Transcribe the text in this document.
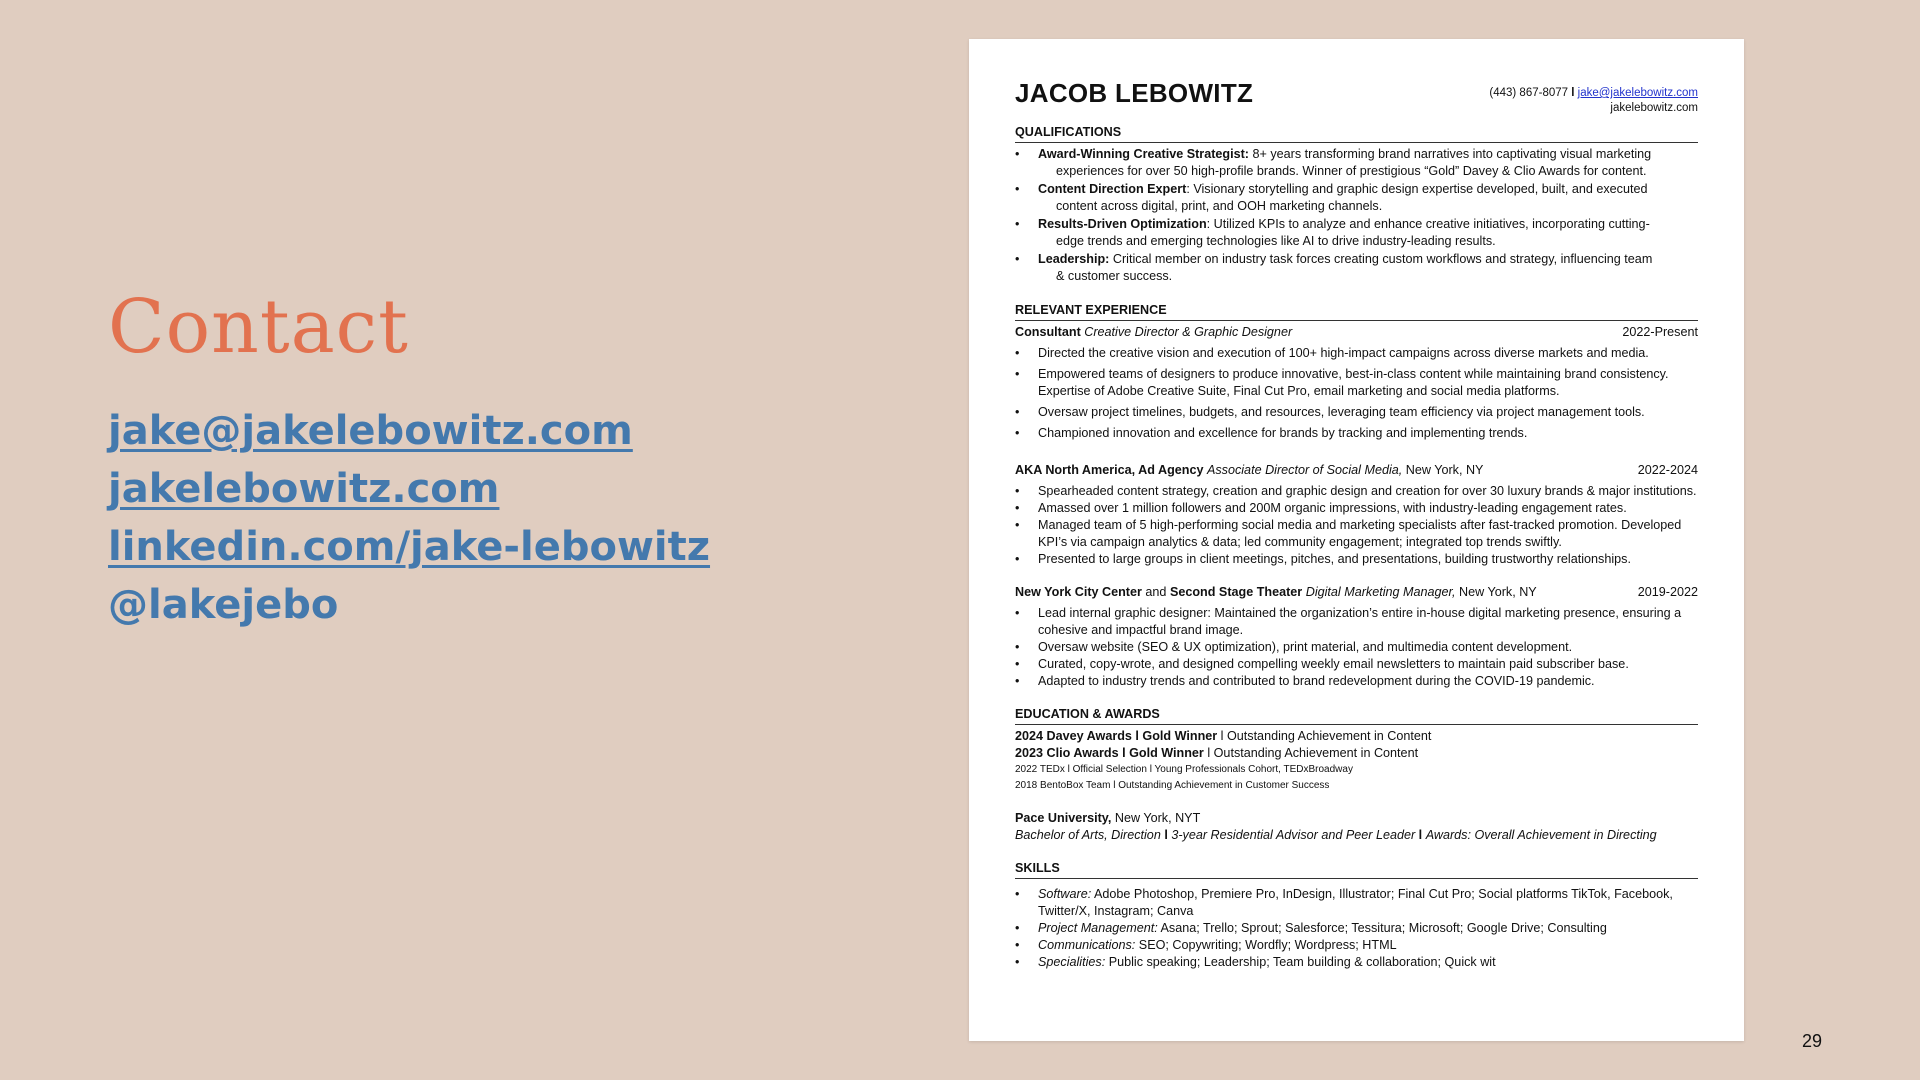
Contact
jake@jakelebowitz.com
jakelebowitz.com
linkedin.com/jake-lebowitz
@lakejebo
JACOB LEBOWITZ	(443) 867-8077 l jake@jakelebowitz.com
jakelebowitz.com
QUALIFICATIONS
• Award-Winning Creative Strategist: 8+ years transforming brand narratives into captivating visual marketing
experiences for over 50 high-profile brands. Winner of prestigious “Gold” Davey & Clio Awards for content.
• Content Direction Expert: Visionary storytelling and graphic design expertise developed, built, and executed
content across digital, print, and OOH marketing channels.
• Results-Driven Optimization: Utilized KPIs to analyze and enhance creative initiatives, incorporating cutting-
edge trends and emerging technologies like AI to drive industry-leading results.
• Leadership: Critical member on industry task forces creating custom workflows and strategy, influencing team
& customer success.
RELEVANT EXPERIENCE
Consultant Creative Director & Graphic Designer	2022-Present
• Directed the creative vision and execution of 100+ high-impact campaigns across diverse markets and media.
• Empowered teams of designers to produce innovative, best-in-class content while maintaining brand consistency. Expertise of Adobe Creative Suite, Final Cut Pro, email marketing and social media platforms.
• Oversaw project timelines, budgets, and resources, leveraging team efficiency via project management tools.
• Championed innovation and excellence for brands by tracking and implementing trends.
AKA North America, Ad Agency Associate Director of Social Media, New York, NY	2022-2024
• Spearheaded content strategy, creation and graphic design and creation for over 30 luxury brands & major institutions.
• Amassed over 1 million followers and 200M organic impressions, with industry-leading engagement rates.
• Managed team of 5 high-performing social media and marketing specialists after fast-tracked promotion. Developed KPI’s via campaign analytics & data; led community engagement; integrated top trends swiftly.
• Presented to large groups in client meetings, pitches, and presentations, building trustworthy relationships.
New York City Center and Second Stage Theater Digital Marketing Manager, New York, NY	2019-2022
• Lead internal graphic designer: Maintained the organization’s entire in-house digital marketing presence, ensuring a cohesive and impactful brand image.
• Oversaw website (SEO & UX optimization), print material, and multimedia content development.
• Curated, copy-wrote, and designed compelling weekly email newsletters to maintain paid subscriber base.
• Adapted to industry trends and contributed to brand redevelopment during the COVID-19 pandemic.
EDUCATION & AWARDS
2024 Davey Awards l Gold Winner l Outstanding Achievement in Content
2023 Clio Awards l Gold Winner l Outstanding Achievement in Content
2022 TEDx l Official Selection l Young Professionals Cohort, TEDxBroadway
2018 BentoBox Team l Outstanding Achievement in Customer Success
Pace University, New York, NYT
Bachelor of Arts, Direction l 3-year Residential Advisor and Peer Leader l Awards: Overall Achievement in Directing
SKILLS
• Software: Adobe Photoshop, Premiere Pro, InDesign, Illustrator; Final Cut Pro; Social platforms TikTok, Facebook, Twitter/X, Instagram; Canva
• Project Management: Asana; Trello; Sprout; Salesforce; Tessitura; Microsoft; Google Drive; Consulting
• Communications: SEO; Copywriting; Wordfly; Wordpress; HTML
• Specialities: Public speaking; Leadership; Team building & collaboration; Quick wit
29
